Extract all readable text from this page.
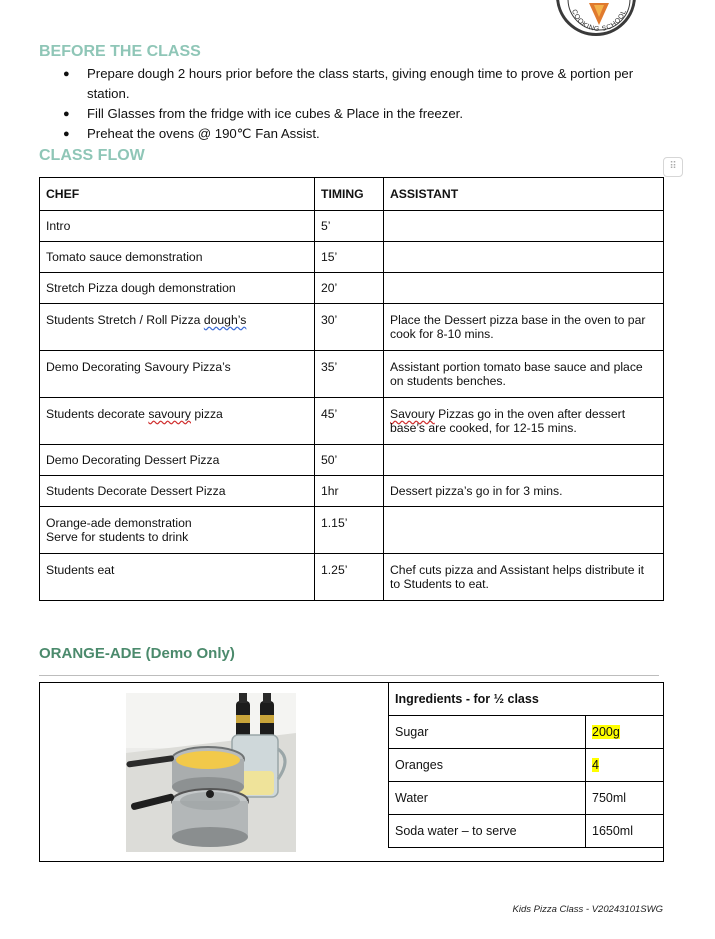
COOKING SCHOOL
BEFORE THE CLASS
● Prepare dough 2 hours prior before the class starts, giving enough time to prove & portion per station.
● Fill Glasses from the fridge with ice cubes & Place in the freezer.
● Preheat the ovens @ 190℃ Fan Assist.
CLASS FLOW
⠿
CHEF	TIMING	ASSISTANT
Intro	5’	
Tomato sauce demonstration	15’	
Stretch Pizza dough demonstration	20’	
Students Stretch / Roll Pizza dough’s	30’	Place the Dessert pizza base in the oven to par cook for 8-10 mins.
Demo Decorating Savoury Pizza’s	35’	Assistant portion tomato base sauce and place on students benches.
Students decorate savoury pizza	45’	Savoury Pizzas go in the oven after dessert base’s are cooked, for 12-15 mins.
Demo Decorating Dessert Pizza	50’	
Students Decorate Dessert Pizza	1hr	Dessert pizza’s go in for 3 mins.

Orange-ade demonstration
Serve for students to drink	1.15’	
Students eat	1.25’	Chef cuts pizza and Assistant helps distribute it to Students to eat.
ORANGE-ADE (Demo Only)
Ingredients - for ½ class	
Sugar	200g
Oranges	4
Water	750ml
Soda water – to serve	1650ml
Kids Pizza Class - V20243101SWG
